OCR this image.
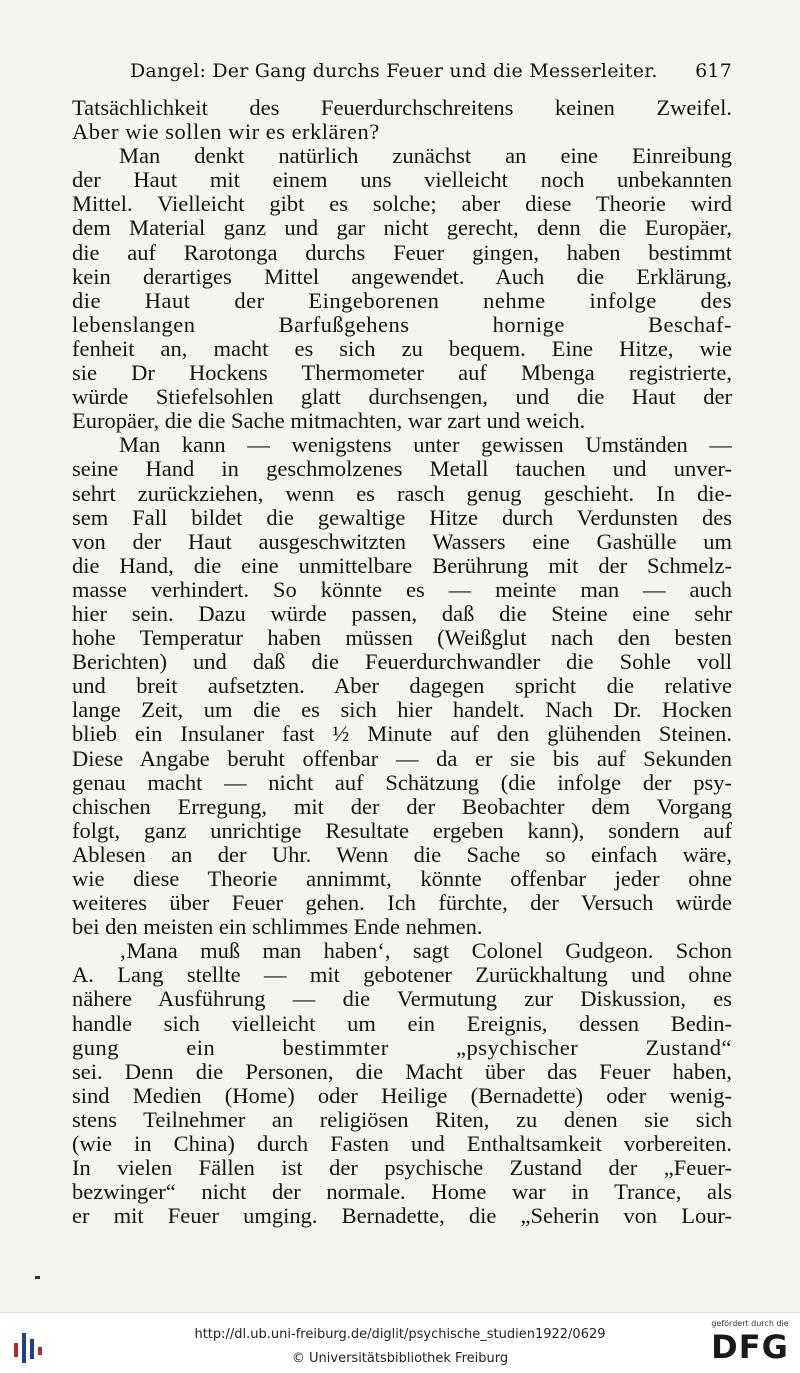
Dangel: Der Gang durchs Feuer und die Messerleiter. 617
Tatsächlichkeit des Feuerdurchschreitens keinen Zweifel.
Aber wie sollen wir es erklären?
Man denkt natürlich zunächst an eine Einreibung
der Haut mit einem uns vielleicht noch unbekannten
Mittel. Vielleicht gibt es solche; aber diese Theorie wird
dem Material ganz und gar nicht gerecht, denn die Europäer,
die auf Rarotonga durchs Feuer gingen, haben bestimmt
kein derartiges Mittel angewendet. Auch die Erklärung,
die Haut der Eingeborenen nehme infolge des
lebenslangen Barfußgehens hornige Beschaf-
fenheit an, macht es sich zu bequem. Eine Hitze, wie
sie Dr Hockens Thermometer auf Mbenga registrierte,
würde Stiefelsohlen glatt durchsengen, und die Haut der
Europäer, die die Sache mitmachten, war zart und weich.
Man kann — wenigstens unter gewissen Umständen —
seine Hand in geschmolzenes Metall tauchen und unver-
sehrt zurückziehen, wenn es rasch genug geschieht. In die-
sem Fall bildet die gewaltige Hitze durch Verdunsten des
von der Haut ausgeschwitzten Wassers eine Gashülle um
die Hand, die eine unmittelbare Berührung mit der Schmelz-
masse verhindert. So könnte es — meinte man — auch
hier sein. Dazu würde passen, daß die Steine eine sehr
hohe Temperatur haben müssen (Weißglut nach den besten
Berichten) und daß die Feuerdurchwandler die Sohle voll
und breit aufsetzten. Aber dagegen spricht die relative
lange Zeit, um die es sich hier handelt. Nach Dr. Hocken
blieb ein Insulaner fast ½ Minute auf den glühenden Steinen.
Diese Angabe beruht offenbar — da er sie bis auf Sekunden
genau macht — nicht auf Schätzung (die infolge der psy-
chischen Erregung, mit der der Beobachter dem Vorgang
folgt, ganz unrichtige Resultate ergeben kann), sondern auf
Ablesen an der Uhr. Wenn die Sache so einfach wäre,
wie diese Theorie annimmt, könnte offenbar jeder ohne
weiteres über Feuer gehen. Ich fürchte, der Versuch würde
bei den meisten ein schlimmes Ende nehmen.
‚Mana muß man haben‘, sagt Colonel Gudgeon. Schon
A. Lang stellte — mit gebotener Zurückhaltung und ohne
nähere Ausführung — die Vermutung zur Diskussion, es
handle sich vielleicht um ein Ereignis, dessen Bedin-
gung ein bestimmter „psychischer Zustand“
sei. Denn die Personen, die Macht über das Feuer haben,
sind Medien (Home) oder Heilige (Bernadette) oder wenig-
stens Teilnehmer an religiösen Riten, zu denen sie sich
(wie in China) durch Fasten und Enthaltsamkeit vorbereiten.
In vielen Fällen ist der psychische Zustand der „Feuer-
bezwinger“ nicht der normale. Home war in Trance, als
er mit Feuer umging. Bernadette, die „Seherin von Lour-
http://dl.ub.uni-freiburg.de/diglit/psychische_studien1922/0629
© Universitätsbibliothek Freiburg
gefördert durch die
DFG
